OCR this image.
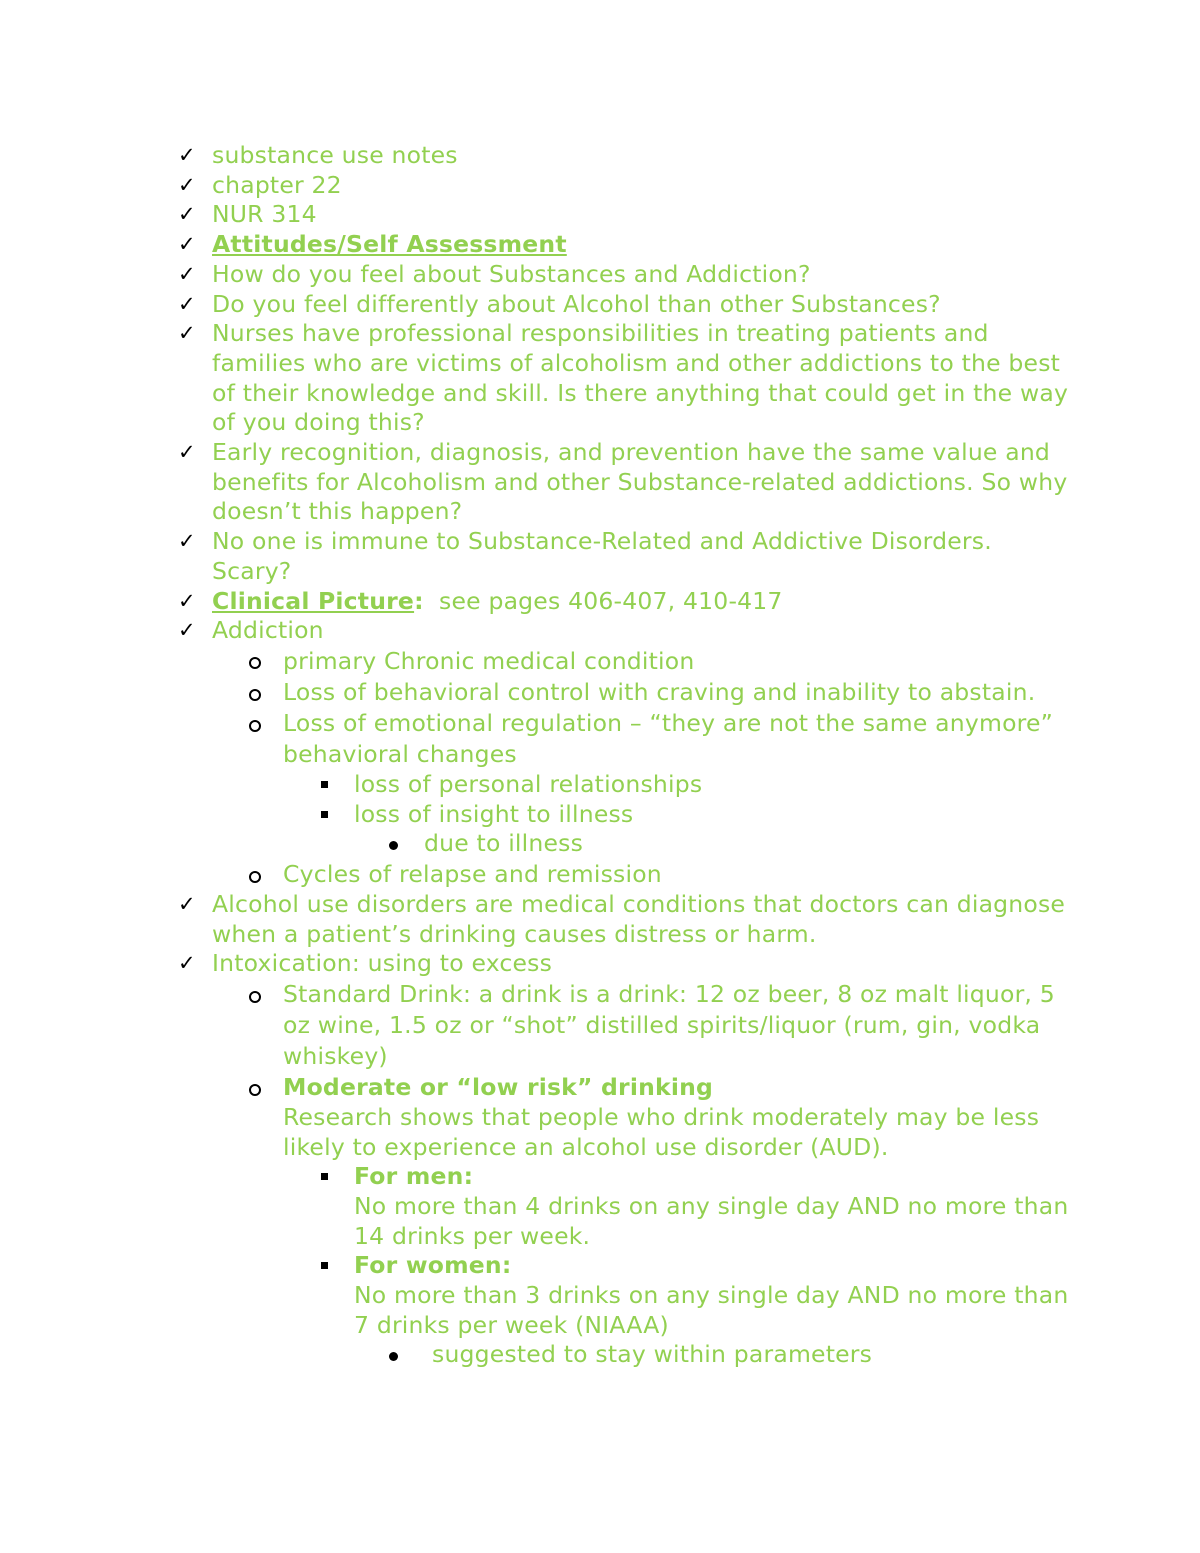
✓ substance use notes
✓ chapter 22
✓ NUR 314
✓ Attitudes/Self Assessment
✓ How do you feel about Substances and Addiction?
✓ Do you feel differently about Alcohol than other Substances?
✓ Nurses have professional responsibilities in treating patients and families who are victims of alcoholism and other addictions to the best of their knowledge and skill. Is there anything that could get in the way of you doing this?
✓ Early recognition, diagnosis, and prevention have the same value and benefits for Alcoholism and other Substance-related addictions. So why doesn’t this happen?
✓ No one is immune to Substance-Related and Addictive Disorders. Scary?
✓ Clinical Picture:  see pages 406-407, 410-417
✓ Addiction
primary Chronic medical condition
Loss of behavioral control with craving and inability to abstain.
Loss of emotional regulation – “they are not the same anymore” behavioral changes
loss of personal relationships
loss of insight to illness
due to illness
Cycles of relapse and remission
✓ Alcohol use disorders are medical conditions that doctors can diagnose when a patient’s drinking causes distress or harm.
✓ Intoxication: using to excess
Standard Drink: a drink is a drink: 12 oz beer, 8 oz malt liquor, 5 oz wine, 1.5 oz or “shot” distilled spirits/liquor (rum, gin, vodka whiskey)
Moderate or “low risk” drinking
Research shows that people who drink moderately may be less likely to experience an alcohol use disorder (AUD).
For men:
No more than 4 drinks on any single day AND no more than 14 drinks per week.
For women:
No more than 3 drinks on any single day AND no more than 7 drinks per week (NIAAA)
suggested to stay within parameters
